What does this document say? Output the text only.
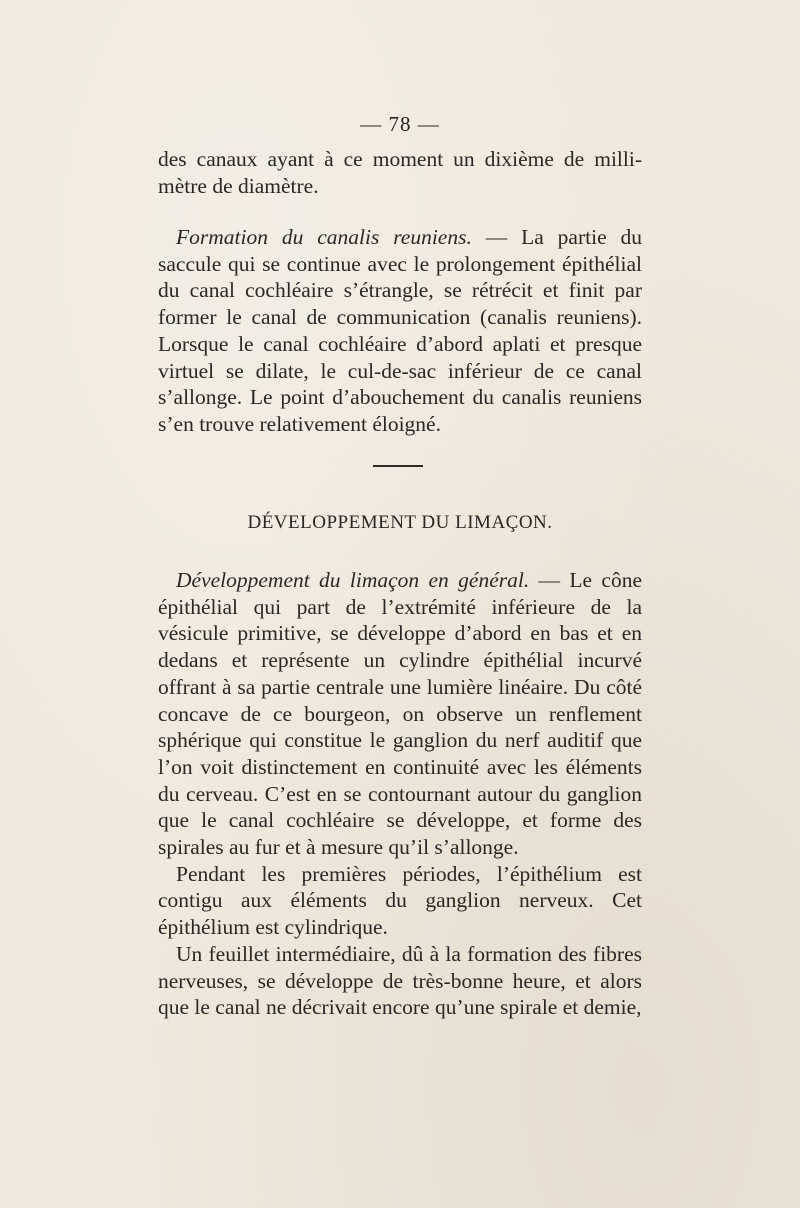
— 78 —

des canaux ayant à ce moment un dixième de milli-mètre de diamètre.

Formation du canalis reuniens. — La partie du saccule qui se continue avec le prolongement épithélial du canal cochléaire s’étrangle, se rétrécit et finit par former le canal de communication (canalis reuniens). Lorsque le canal cochléaire d’abord aplati et presque virtuel se dilate, le cul-de-sac inférieur de ce canal s’allonge. Le point d’abouchement du canalis reuniens s’en trouve relativement éloigné.

DÉVELOPPEMENT DU LIMAÇON.

Développement du limaçon en général. — Le cône épithélial qui part de l’extrémité inférieure de la vésicule primitive, se développe d’abord en bas et en dedans et représente un cylindre épithélial incurvé offrant à sa partie centrale une lumière linéaire. Du côté concave de ce bourgeon, on observe un renflement sphérique qui constitue le ganglion du nerf auditif que l’on voit distinctement en continuité avec les éléments du cerveau. C’est en se contournant autour du ganglion que le canal cochléaire se développe, et forme des spirales au fur et à mesure qu’il s’allonge.

Pendant les premières périodes, l’épithélium est contigu aux éléments du ganglion nerveux. Cet épithélium est cylindrique.

Un feuillet intermédiaire, dû à la formation des fibres nerveuses, se développe de très-bonne heure, et alors que le canal ne décrivait encore qu’une spirale et demie,
